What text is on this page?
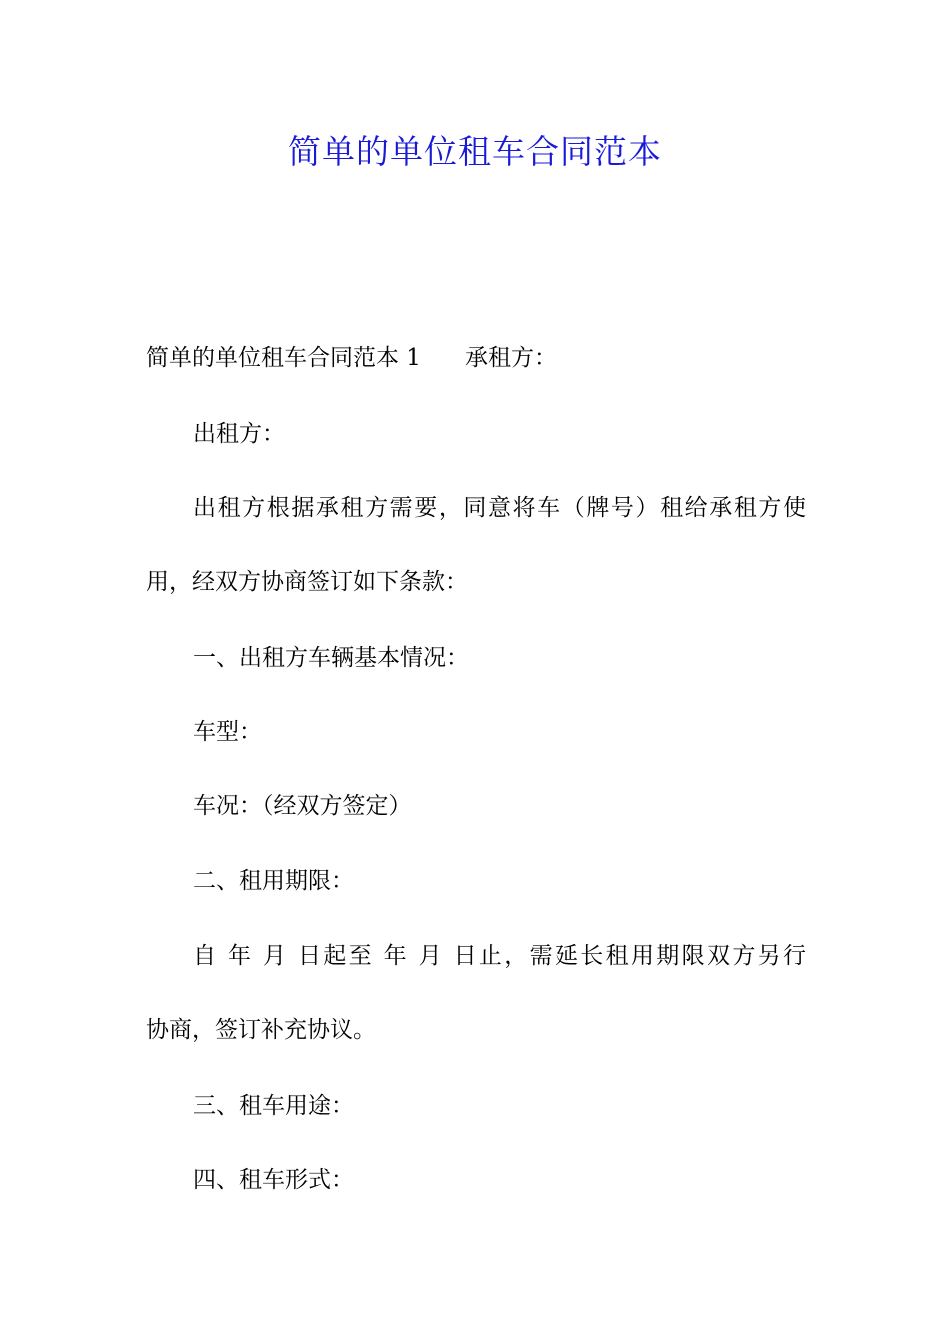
简单的单位租车合同范本

简单的单位租车合同范本 1 承租方：

出租方：

出租方根据承租方需要，同意将车（牌号）租给承租方使

用，经双方协商签订如下条款：

一、出租方车辆基本情况：

车型：

车况：（经双方签定）

二、租用期限：

自 年 月 日起至 年 月 日止，需延长租用期限双方另行

协商，签订补充协议。

三、租车用途：

四、租车形式：
